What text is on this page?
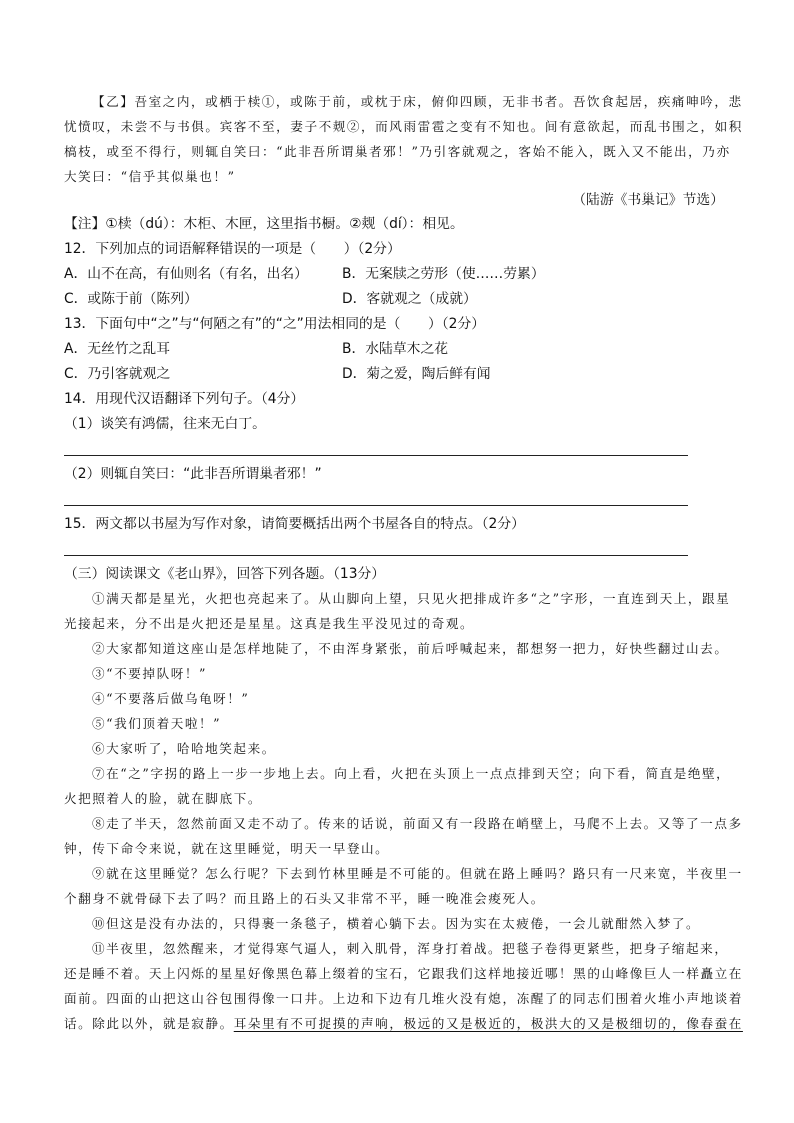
【乙】吾室之内，或栖于椟①，或陈于前，或枕于床，俯仰四顾，无非书者。吾饮食起居，疾痛呻吟，悲
忧愤叹，未尝不与书俱。宾客不至，妻子不觌②，而风雨雷雹之变有不知也。间有意欲起，而乱书围之，如积
槁枝，或至不得行，则辄自笑曰：“此非吾所谓巢者邪！”乃引客就观之，客始不能入，既入又不能出，乃亦
大笑曰：“信乎其似巢也！”
（陆游《书巢记》节选）
【注】①椟（dú）：木柜、木匣，这里指书橱。②觌（dí）：相见。
12．下列加点的词语解释错误的一项是（　　）（2分）
A．山不在高，有仙则名（有名，出名） B．无案牍之劳形（使……劳累）
C．或陈于前（陈列）	D．客就观之（成就）
13．下面句中“之”与“何陋之有”的“之”用法相同的是（　　）（2分）
A．无丝竹之乱耳	B．水陆草木之花
C．乃引客就观之	D．菊之爱，陶后鲜有闻
14．用现代汉语翻译下列句子。（4分）
（1）谈笑有鸿儒，往来无白丁。
（2）则辄自笑曰：“此非吾所谓巢者邪！”
15．两文都以书屋为写作对象，请简要概括出两个书屋各自的特点。（2分）
（三）阅读课文《老山界》，回答下列各题。（13分）
①满天都是星光，火把也亮起来了。从山脚向上望，只见火把排成许多“之”字形，一直连到天上，跟星
光接起来，分不出是火把还是星星。这真是我生平没见过的奇观。
②大家都知道这座山是怎样地陡了，不由浑身紧张，前后呼喊起来，都想努一把力，好快些翻过山去。
③“不要掉队呀！”
④“不要落后做乌龟呀！”
⑤“我们顶着天啦！”
⑥大家听了，哈哈地笑起来。
⑦在“之”字拐的路上一步一步地上去。向上看，火把在头顶上一点点排到天空；向下看，简直是绝壁，
火把照着人的脸，就在脚底下。
⑧走了半天，忽然前面又走不动了。传来的话说，前面又有一段路在峭壁上，马爬不上去。又等了一点多
钟，传下命令来说，就在这里睡觉，明天一早登山。
⑨就在这里睡觉？怎么行呢？下去到竹林里睡是不可能的。但就在路上睡吗？路只有一尺来宽，半夜里一
个翻身不就骨碌下去了吗？而且路上的石头又非常不平，睡一晚准会痠死人。
⑩但这是没有办法的，只得裹一条毯子，横着心躺下去。因为实在太疲倦，一会儿就酣然入梦了。
⑪半夜里，忽然醒来，才觉得寒气逼人，刺入肌骨，浑身打着战。把毯子卷得更紧些，把身子缩起来，
还是睡不着。天上闪烁的星星好像黑色幕上缀着的宝石，它跟我们这样地接近哪！黑的山峰像巨人一样矗立在
面前。四面的山把这山谷包围得像一口井。上边和下边有几堆火没有熄，冻醒了的同志们围着火堆小声地谈着
话。除此以外，就是寂静。耳朵里有不可捉摸的声响，极远的又是极近的，极洪大的又是极细切的，像春蚕在
